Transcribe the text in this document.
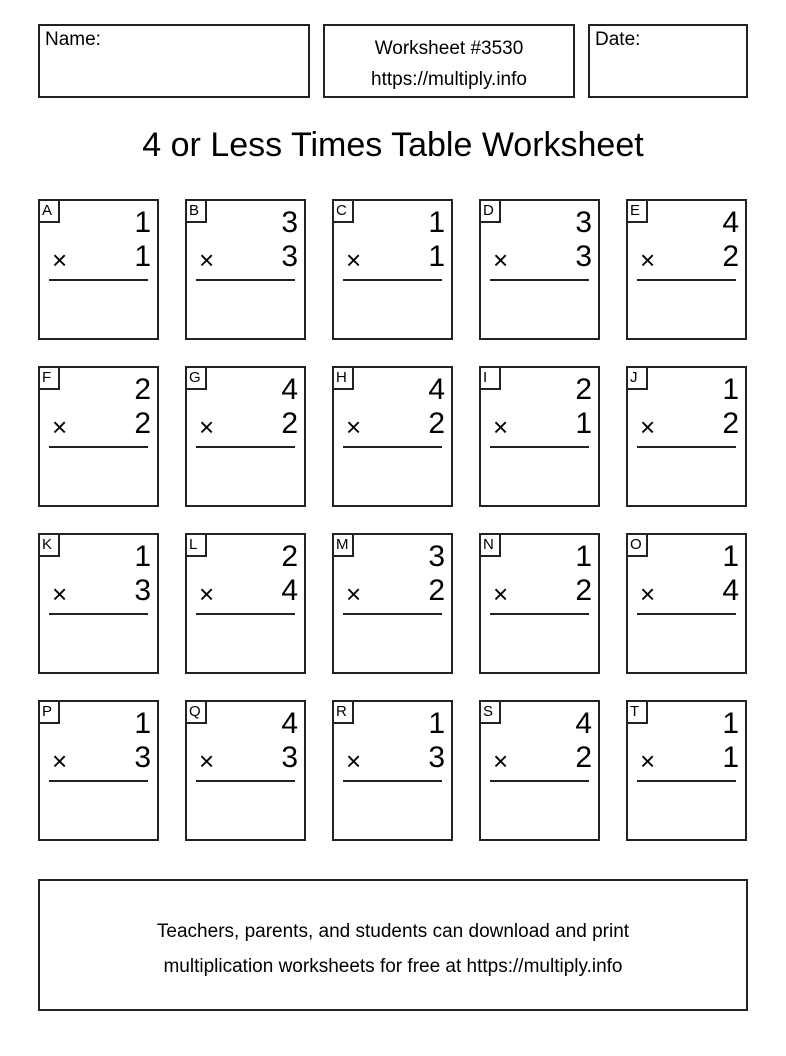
Name:	Worksheet #3530
https://multiply.info
Date:
4 or Less Times Table Worksheet
A	1
× 1
B	3
× 3
C	1
× 1
D	3
× 3
E	4
× 2
F	2
× 2
G	4
× 2
H	4
× 2
I	2
× 1
J	1
× 2
K	1
× 3
L	2
× 4
M	3
× 2
N	1
× 2
O	1
× 4
P	1
× 3
Q	4
× 3
R	1
× 3
S	4
× 2
T	1
× 1
Teachers, parents, and students can download and print
multiplication worksheets for free at https://multiply.info
